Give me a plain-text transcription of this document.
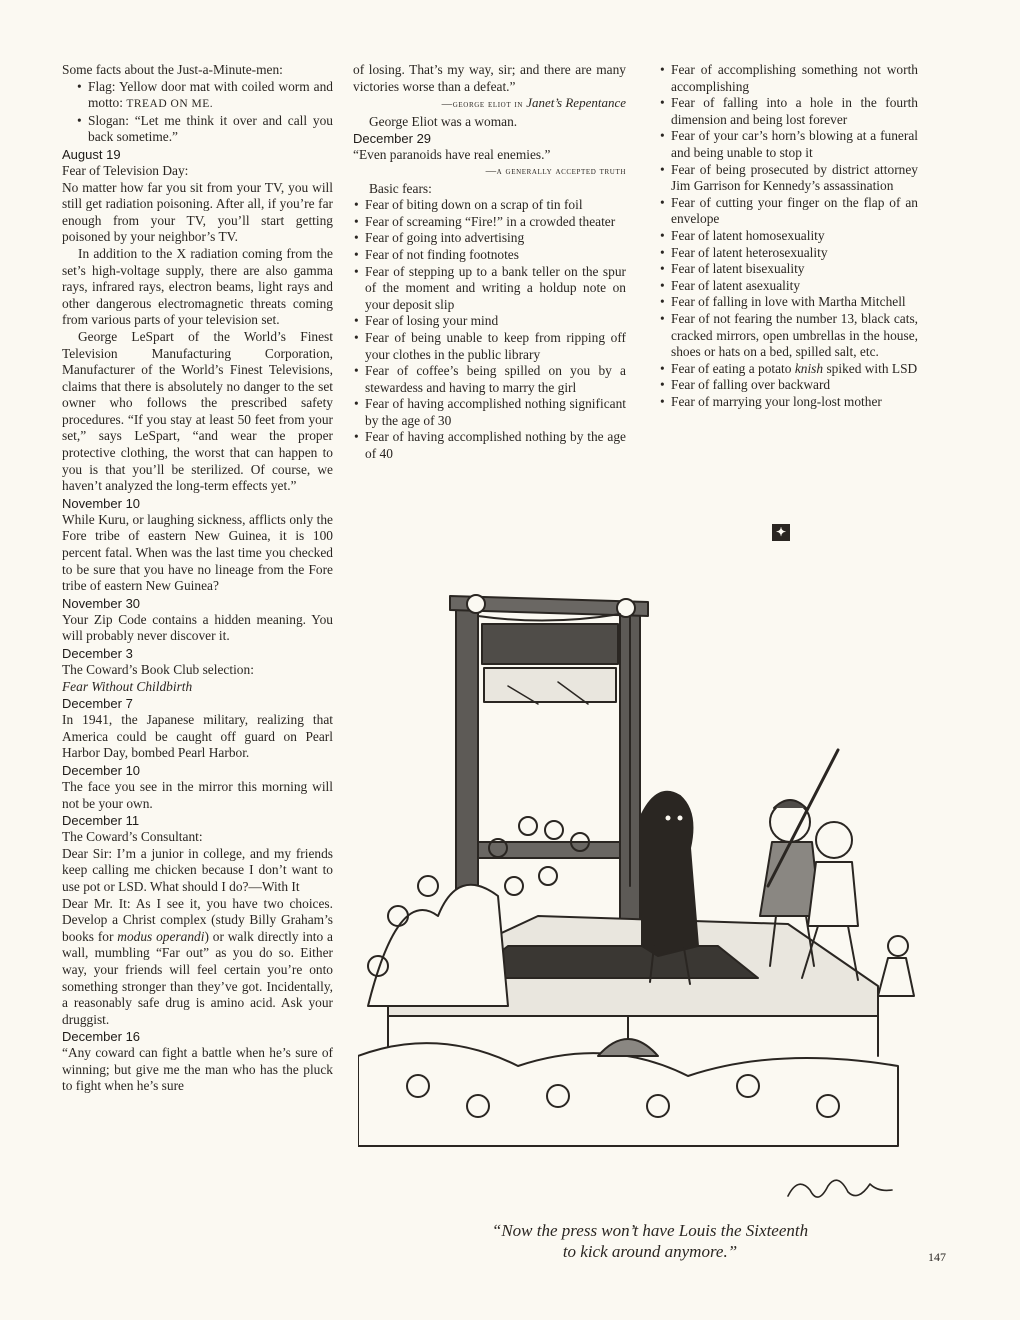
Some facts about the Just-a-Minute-men:

• Flag: Yellow door mat with coiled worm and motto: TREAD ON ME.
• Slogan: “Let me think it over and call you back sometime.”
August 19

Fear of Television Day:

No matter how far you sit from your TV, you will still get radiation poisoning. After all, if you’re far enough from your TV, you’ll start getting poisoned by your neighbor’s TV.

In addition to the X radiation coming from the set’s high-voltage supply, there are also gamma rays, infrared rays, electron beams, light rays and other dangerous electromagnetic threats coming from various parts of your television set.

George LeSpart of the World’s Finest Television Manufacturing Corporation, Manufacturer of the World’s Finest Televisions, claims that there is absolutely no danger to the set owner who follows the prescribed safety procedures. “If you stay at least 50 feet from your set,” says LeSpart, “and wear the proper protective clothing, the worst that can happen to you is that you’ll be sterilized. Of course, we haven’t analyzed the long-term effects yet.”

November 10

While Kuru, or laughing sickness, afflicts only the Fore tribe of eastern New Guinea, it is 100 percent fatal. When was the last time you checked to be sure that you have no lineage from the Fore tribe of eastern New Guinea?

November 30

Your Zip Code contains a hidden meaning. You will probably never discover it.

December 3

The Coward’s Book Club selection:
Fear Without Childbirth

December 7

In 1941, the Japanese military, realizing that America could be caught off guard on Pearl Harbor Day, bombed Pearl Harbor.

December 10

The face you see in the mirror this morning will not be your own.

December 11

The Coward’s Consultant:

Dear Sir: I’m a junior in college, and my friends keep calling me chicken because I don’t want to use pot or LSD. What should I do?—With It

Dear Mr. It: As I see it, you have two choices. Develop a Christ complex (study Billy Graham’s books for modus operandi) or walk directly into a wall, mumbling “Far out” as you do so. Either way, your friends will feel certain you’re onto something stronger than they’ve got. Incidentally, a reasonably safe drug is amino acid. Ask your druggist.

December 16

“Any coward can fight a battle when he’s sure of winning; but give me the man who has the pluck to fight when he’s sure

of losing. That’s my way, sir; and there are many victories worse than a defeat.”

—george eliot in Janet’s Repentance

George Eliot was a woman.

December 29

“Even paranoids have real enemies.”

—a generally accepted truth

Basic fears:

• Fear of biting down on a scrap of tin foil
• Fear of screaming “Fire!” in a crowded theater
• Fear of going into advertising
• Fear of not finding footnotes
• Fear of stepping up to a bank teller on the spur of the moment and writing a holdup note on your deposit slip
• Fear of losing your mind
• Fear of being unable to keep from ripping off your clothes in the public library
• Fear of coffee’s being spilled on you by a stewardess and having to marry the girl
• Fear of having accomplished nothing significant by the age of 30
• Fear of having accomplished nothing by the age of 40
• Fear of accomplishing something not worth accomplishing
• Fear of falling into a hole in the fourth dimension and being lost forever
• Fear of your car’s horn’s blowing at a funeral and being unable to stop it
• Fear of being prosecuted by district attorney Jim Garrison for Kennedy’s assassination
• Fear of cutting your finger on the flap of an envelope
• Fear of latent homosexuality
• Fear of latent heterosexuality
• Fear of latent bisexuality
• Fear of latent asexuality
• Fear of falling in love with Martha Mitchell
• Fear of not fearing the number 13, black cats, cracked mirrors, open umbrellas in the house, shoes or hats on a bed, spilled salt, etc.
• Fear of eating a potato knish spiked with LSD
• Fear of falling over backward
• Fear of marrying your long-lost mother
✦
“Now the press won’t have Louis the Sixteenth
to kick around anymore.”	147
